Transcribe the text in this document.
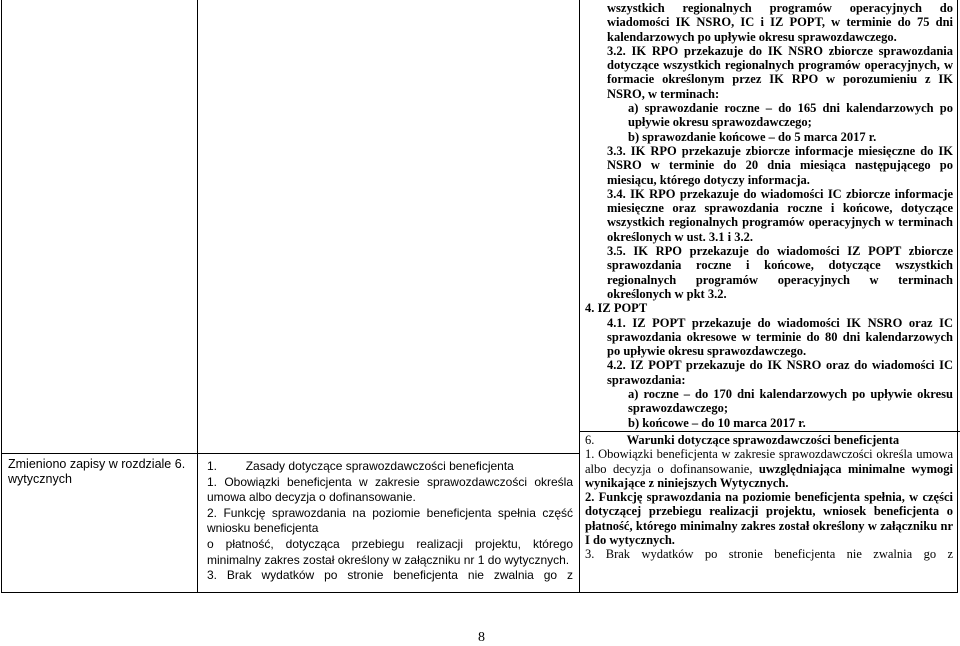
Zmieniono zapisy w rozdziale 6. wytycznych

1. Zasady dotyczące sprawozdawczości beneficjenta

1. Obowiązki beneficjenta w zakresie sprawozdawczości określa umowa albo decyzja o dofinansowanie.

2. Funkcję sprawozdania na poziomie beneficjenta spełnia część wniosku beneficjenta

o płatność, dotycząca przebiegu realizacji projektu, którego minimalny zakres został określony w załączniku nr 1 do wytycznych.

3. Brak wydatków po stronie beneficjenta nie zwalnia go z

wszystkich regionalnych programów operacyjnych do wiadomości IK NSRO, IC i IZ POPT, w terminie do 75 dni kalendarzowych po upływie okresu sprawozdawczego.

3.2. IK RPO przekazuje do IK NSRO zbiorcze sprawozdania dotyczące wszystkich regionalnych programów operacyjnych, w formacie określonym przez IK RPO w porozumieniu z IK NSRO, w terminach:

a) sprawozdanie roczne – do 165 dni kalendarzowych po upływie okresu sprawozdawczego;

b) sprawozdanie końcowe – do 5 marca 2017 r.

3.3. IK RPO przekazuje zbiorcze informacje miesięczne do IK NSRO w terminie do 20 dnia miesiąca następującego po miesiącu, którego dotyczy informacja.

3.4. IK RPO przekazuje do wiadomości IC zbiorcze informacje miesięczne oraz sprawozdania roczne i końcowe, dotyczące wszystkich regionalnych programów operacyjnych w terminach określonych w ust. 3.1 i 3.2.

3.5. IK RPO przekazuje do wiadomości IZ POPT zbiorcze sprawozdania roczne i końcowe, dotyczące wszystkich regionalnych programów operacyjnych w terminach określonych w pkt 3.2.

4. IZ POPT

4.1. IZ POPT przekazuje do wiadomości IK NSRO oraz IC sprawozdania okresowe w terminie do 80 dni kalendarzowych po upływie okresu sprawozdawczego.

4.2. IZ POPT przekazuje do IK NSRO oraz do wiadomości IC sprawozdania:

a) roczne – do 170 dni kalendarzowych po upływie okresu sprawozdawczego;

b) końcowe – do 10 marca 2017 r.

6.	Warunki dotyczące sprawozdawczości beneficjenta

1. Obowiązki beneficjenta w zakresie sprawozdawczości określa umowa albo decyzja o dofinansowanie, uwzględniająca minimalne wymogi wynikające z niniejszych Wytycznych.

2. Funkcję sprawozdania na poziomie beneficjenta spełnia, w części dotyczącej przebiegu realizacji projektu, wniosek beneficjenta o płatność, którego minimalny zakres został określony w załączniku nr I do wytycznych.

3. Brak wydatków po stronie beneficjenta nie zwalnia go z

8
